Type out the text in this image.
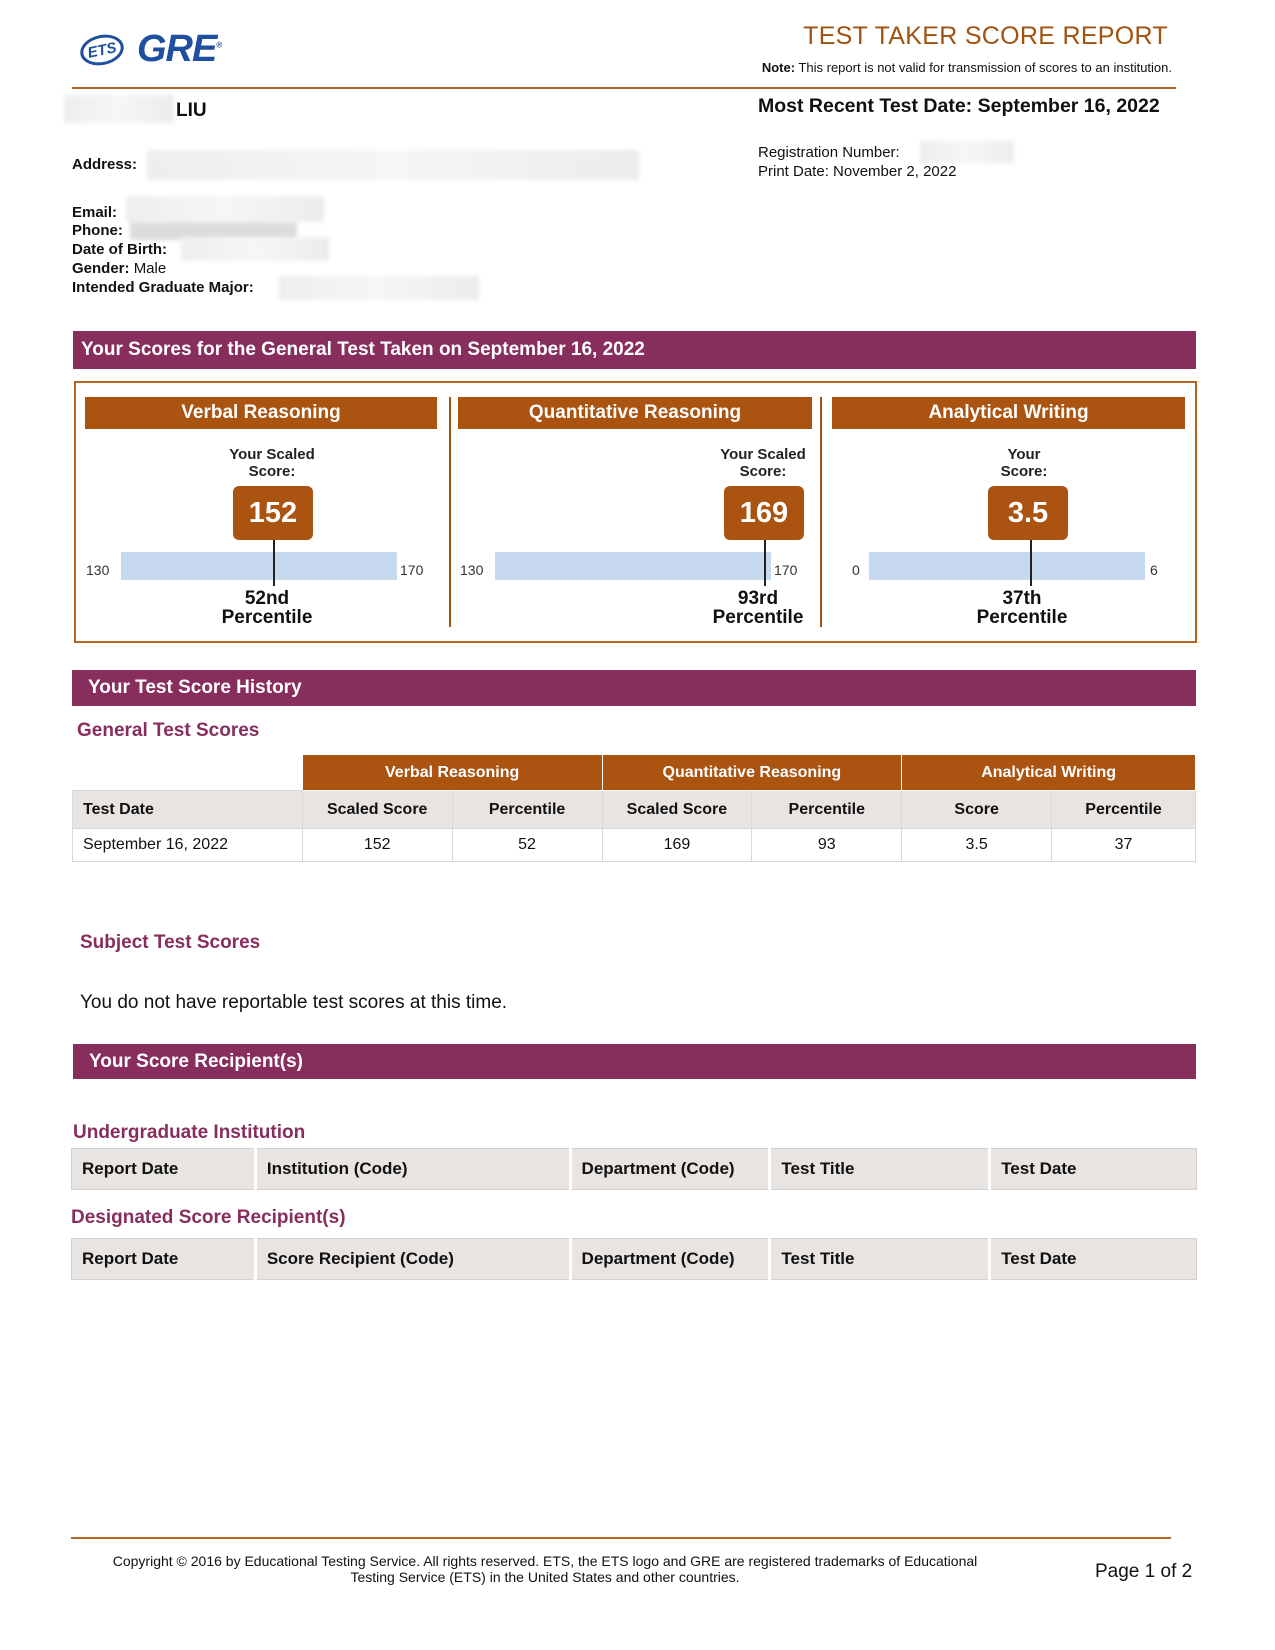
ETS GRE®	TEST TAKER SCORE REPORT
Note: This report is not valid for transmission of scores to an institution.
LIU
Address:
Email:
Phone:
Date of Birth:
Gender: Male
Intended Graduate Major:
Most Recent Test Date: September 16, 2022
Registration Number:
Print Date: November 2, 2022
Your Scores for the General Test Taken on September 16, 2022
Verbal Reasoning
Your Scaled
Score:
152
130	170
52nd
Percentile
Quantitative Reasoning
Your Scaled
Score:
169
130	170
93rd
Percentile
Analytical Writing
Your
Score:
3.5
0	6
37th
Percentile
Your Test Score History
General Test Scores
	Verbal Reasoning		Quantitative Reasoning		Analytical Writing	
Test Date	Scaled Score	Percentile	Scaled Score	Percentile	Score	Percentile
September 16, 2022	152	52	169	93	3.5	37
Subject Test Scores
You do not have reportable test scores at this time.
Your Score Recipient(s)
Undergraduate Institution
Report Date	Institution (Code)	Department (Code)	Test Title	Test Date
Designated Score Recipient(s)
Report Date	Score Recipient (Code)	Department (Code)	Test Title	Test Date
Copyright © 2016 by Educational Testing Service. All rights reserved. ETS, the ETS logo and GRE are registered trademarks of Educational
Testing Service (ETS) in the United States and other countries.	Page 1 of 2
